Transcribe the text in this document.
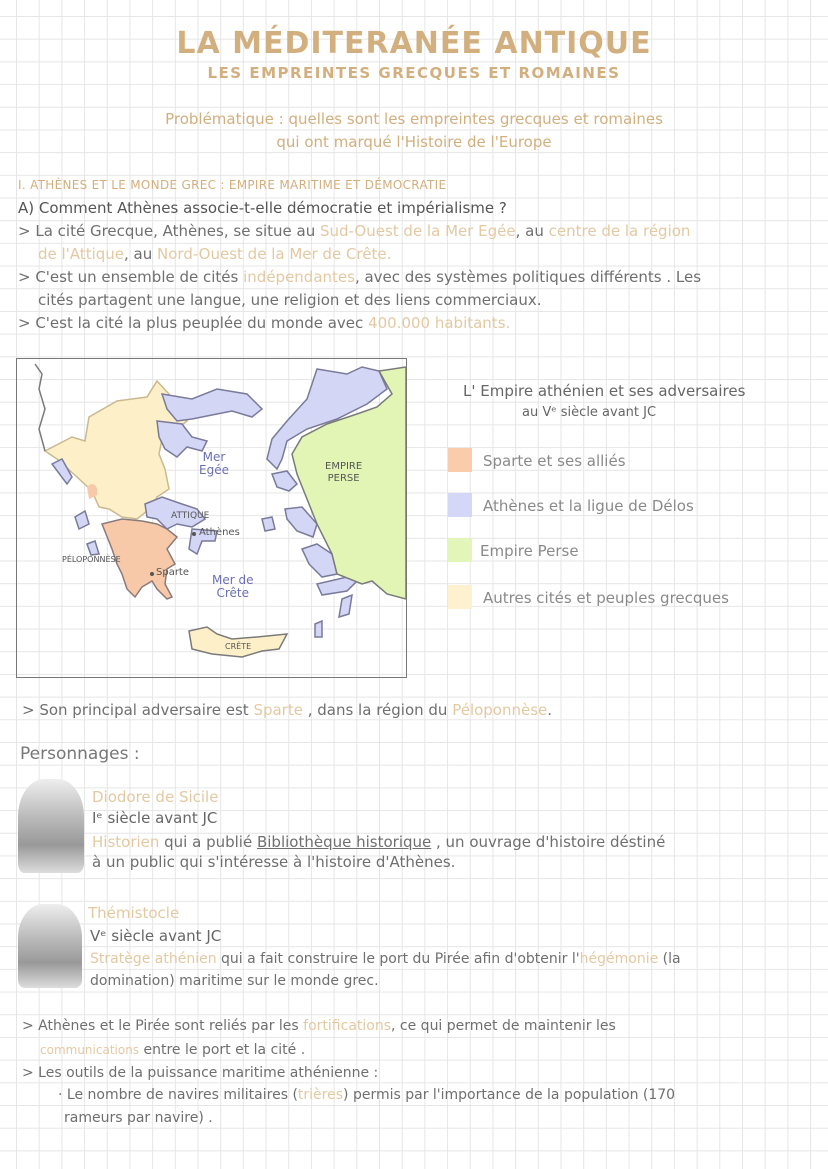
LA MÉDITERANÉE ANTIQUE
LES EMPREINTES GRECQUES ET ROMAINES
Problématique : quelles sont les empreintes grecques et romaines
qui ont marqué l'Histoire de l'Europe
I. ATHÈNES ET LE MONDE GREC : EMPIRE MARITIME ET DÉMOCRATIE
A) Comment Athènes associe-t-elle démocratie et impérialisme ?
> La cité Grecque, Athènes, se situe au Sud-Ouest de la Mer Egée, au centre de la région
de l'Attique, au Nord-Ouest de la Mer de Crête.
> C'est un ensemble de cités indépendantes, avec des systèmes politiques différents . Les
cités partagent une langue, une religion et des liens commerciaux.
> C'est la cité la plus peuplée du monde avec 400.000 habitants.
Mer
Egée	EMPIRE
PERSE
ATTIQUE
Athènes
PÉLOPONNÈSE
Sparte
Mer de
Crête
CRÊTE
L' Empire athénien et ses adversaires
au Vᵉ siècle avant JC
Sparte et ses alliés
Athènes et la ligue de Délos
Empire Perse
Autres cités et peuples grecques
> Son principal adversaire est Sparte , dans la région du Péloponnèse.
Personnages :
Diodore de Sicile
Iᵉ siècle avant JC
Historien qui a publié Bibliothèque historique , un ouvrage d'histoire déstiné
à un public qui s'intéresse à l'histoire d'Athènes.
Thémistocle
Vᵉ siècle avant JC
Stratège athénien qui a fait construire le port du Pirée afin d'obtenir l'hégémonie (la
domination) maritime sur le monde grec.
> Athènes et le Pirée sont reliés par les fortifications, ce qui permet de maintenir les
communications entre le port et la cité .
> Les outils de la puissance maritime athénienne :
· Le nombre de navires militaires (trières) permis par l'importance de la population (170
rameurs par navire) .
